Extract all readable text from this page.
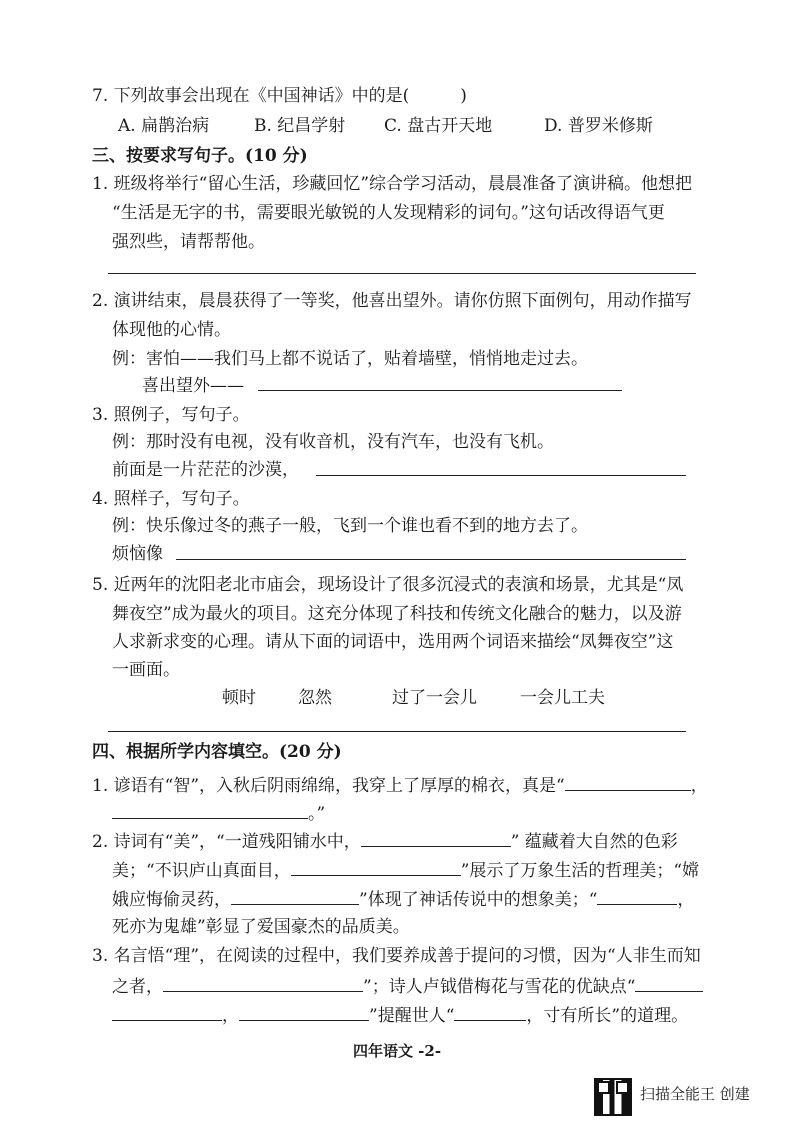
7. 下列故事会出现在《中国神话》中的是(　　　)
A. 扁鹊治病	B. 纪昌学射 C. 盘古开天地	D. 普罗米修斯
三、按要求写句子。(10 分)
1. 班级将举行“留心生活，珍藏回忆”综合学习活动，晨晨准备了演讲稿。他想把
“生活是无字的书，需要眼光敏锐的人发现精彩的词句。”这句话改得语气更
强烈些，请帮帮他。
2. 演讲结束，晨晨获得了一等奖，他喜出望外。请你仿照下面例句，用动作描写
体现他的心情。
例：害怕——我们马上都不说话了，贴着墙壁，悄悄地走过去。
喜出望外——
3. 照例子，写句子。
例：那时没有电视，没有收音机，没有汽车，也没有飞机。
前面是一片茫茫的沙漠，
4. 照样子，写句子。
例：快乐像过冬的燕子一般，飞到一个谁也看不到的地方去了。
烦恼像
5. 近两年的沈阳老北市庙会，现场设计了很多沉浸式的表演和场景，尤其是“凤
舞夜空”成为最火的项目。这充分体现了科技和传统文化融合的魅力，以及游
人求新求变的心理。请从下面的词语中，选用两个词语来描绘“凤舞夜空”这
一画面。
顿时 忽然	过了一会儿	一会儿工夫
四、根据所学内容填空。(20 分)
1. 谚语有“智”，入秋后阴雨绵绵，我穿上了厚厚的棉衣，真是“	，
。”
2. 诗词有“美”，“一道残阳铺水中，	” 蕴藏着大自然的色彩
美；“不识庐山真面目，	”展示了万象生活的哲理美；“嫦
娥应悔偷灵药，	”体现了神话传说中的想象美；“	，
死亦为鬼雄”彰显了爱国豪杰的品质美。
3. 名言悟“理”，在阅读的过程中，我们要养成善于提问的习惯，因为“人非生而知
之者，	”；诗人卢钺借梅花与雪花的优缺点“
，	”提醒世人“	，寸有所长”的道理。
四年语文 -2-
扫描全能王 创建
